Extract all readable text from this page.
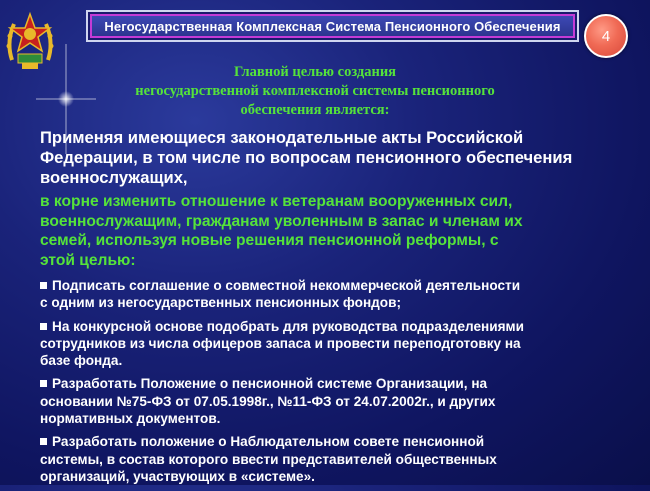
Негосударственная Комплексная Система Пенсионного Обеспечения
4
Главной целью создания
негосударственной комплексной системы пенсионного
обеспечения является:
Применяя имеющиеся законодательные акты Российской
Федерации, в том числе по вопросам пенсионного обеспечения
военнослужащих,
в корне изменить отношение к ветеранам вооруженных сил,
военнослужащим, гражданам уволенным в запас и членам их
семей, используя новые решения пенсионной реформы, с
этой целью:
Подписать соглашение о совместной некоммерческой деятельности
с одним из негосударственных пенсионных фондов;
На конкурсной основе подобрать для руководства подразделениями
сотрудников из числа офицеров запаса и провести переподготовку на
базе фонда.
Разработать Положение о пенсионной системе Организации, на
основании №75-ФЗ от 07.05.1998г., №11-ФЗ от 24.07.2002г., и других
нормативных документов.
Разработать положение о Наблюдательном совете пенсионной
системы, в состав которого ввести представителей общественных
организаций, участвующих в «системе».
